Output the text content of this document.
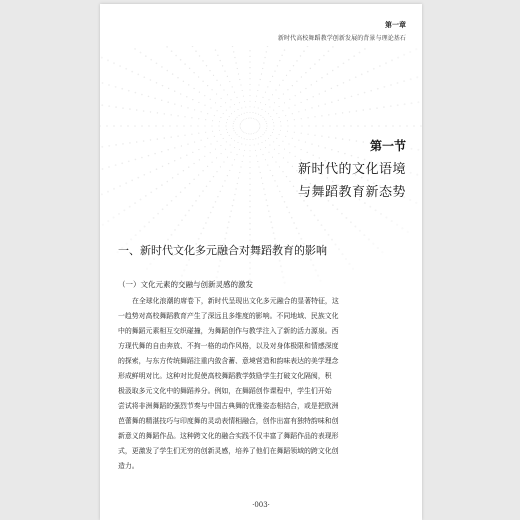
第一章
新时代高校舞蹈教学创新发展的背景与理论基石
第一节
新时代的文化语境
与舞蹈教育新态势
一、新时代文化多元融合对舞蹈教育的影响
（一）文化元素的交融与创新灵感的激发
在全球化浪潮的席卷下，新时代呈现出文化多元融合的显著特征，这
一趋势对高校舞蹈教育产生了深远且多维度的影响。不同地域、民族文化
中的舞蹈元素相互交织碰撞，为舞蹈创作与教学注入了新的活力源泉。西
方现代舞的自由奔放、不拘一格的动作风格，以及对身体极限和情感深度
的探索，与东方传统舞蹈注重内敛含蓄、意境营造和韵味表达的美学理念
形成鲜明对比。这种对比促使高校舞蹈教学鼓励学生打破文化隔阂，积
极汲取多元文化中的舞蹈养分。例如，在舞蹈创作课程中，学生们开始
尝试将非洲舞蹈的强烈节奏与中国古典舞的优雅姿态相结合，或是把欧洲
芭蕾舞的精湛技巧与印度舞的灵动表情相融合，创作出富有独特韵味和创
新意义的舞蹈作品。这种跨文化的融合实践不仅丰富了舞蹈作品的表现形
式，更激发了学生们无穷的创新灵感，培养了他们在舞蹈领域的跨文化创
造力。
·003·
